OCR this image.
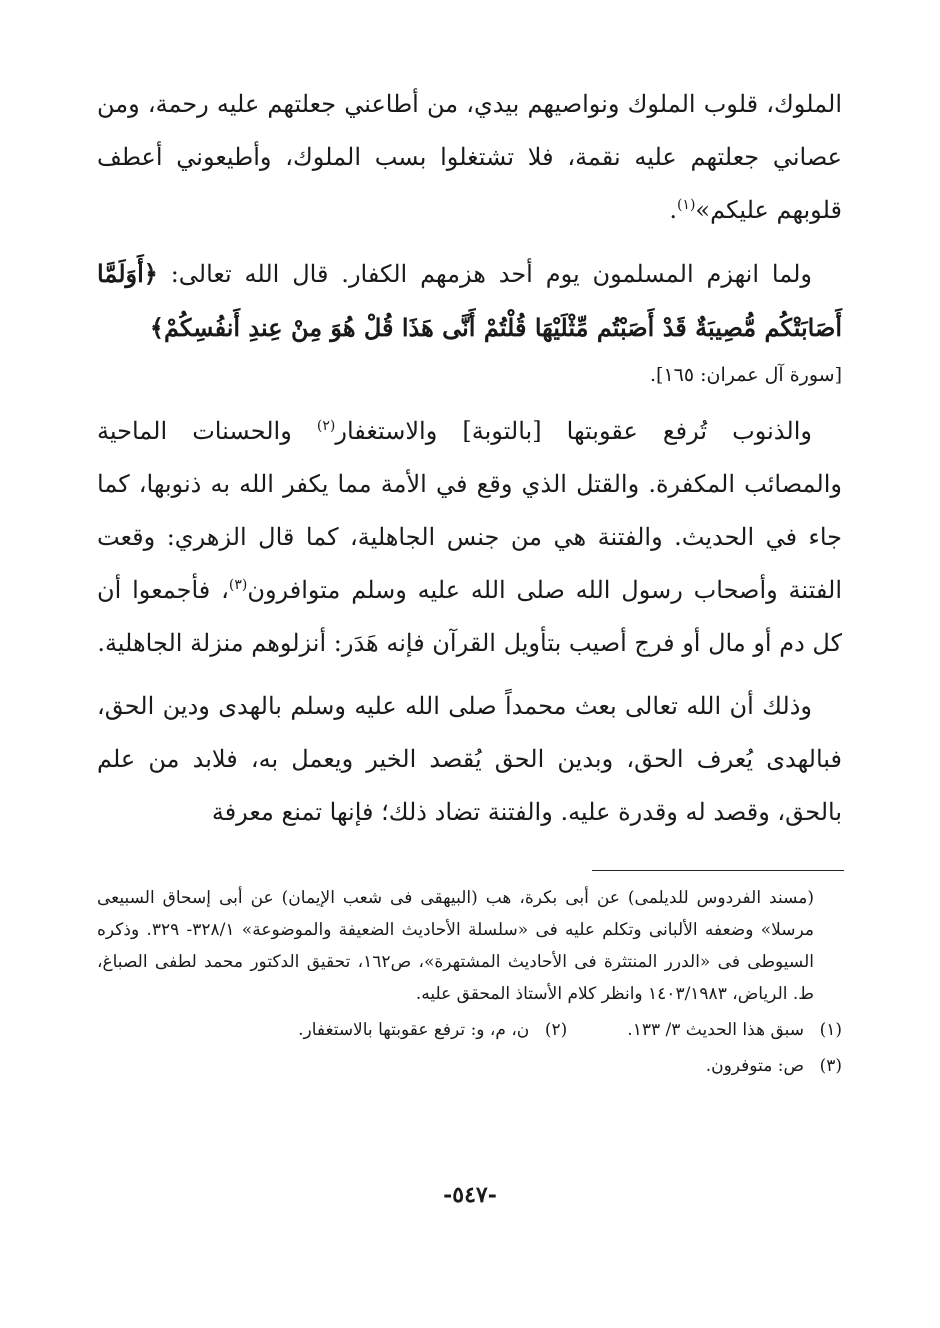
الملوك، قلوب الملوك ونواصيهم بيدي، من أطاعني جعلتهم عليه رحمة، ومن عصاني جعلتهم عليه نقمة، فلا تشتغلوا بسب الملوك، وأطيعوني أعطف قلوبهم عليكم»$^{(١)}$.

ولما انهزم المسلمون يوم أحد هزمهم الكفار. قال الله تعالى: ﴿أَوَلَمَّا أَصَابَتْكُم مُّصِيبَةٌ قَدْ أَصَبْتُم مِّثْلَيْهَا قُلْتُمْ أَنَّى هَذَا قُلْ هُوَ مِنْ عِندِ أَنفُسِكُمْ﴾

[سورة آل عمران: ١٦٥].

والذنوب تُرفع عقوبتها [بالتوبة] والاستغفار$^{(٢)}$ والحسنات الماحية والمصائب المكفرة. والقتل الذي وقع في الأمة مما يكفر الله به ذنوبها، كما جاء في الحديث. والفتنة هي من جنس الجاهلية، كما قال الزهري: وقعت الفتنة وأصحاب رسول الله صلى الله عليه وسلم متوافرون$^{(٣)}$، فأجمعوا أن كل دم أو مال أو فرج أصيب بتأويل القرآن فإنه هَدَر: أنزلوهم منزلة الجاهلية.

وذلك أن الله تعالى بعث محمداً صلى الله عليه وسلم بالهدى ودين الحق، فبالهدى يُعرف الحق، وبدين الحق يُقصد الخير ويعمل به، فلابد من علم بالحق، وقصد له وقدرة عليه. والفتنة تضاد ذلك؛ فإنها تمنع معرفة

(مسند الفردوس للديلمى) عن أبى بكرة، هب (البيهقى فى شعب الإيمان) عن أبى إسحاق السبيعى مرسلا» وضعفه الألبانى وتكلم عليه فى «سلسلة الأحاديث الضعيفة والموضوعة» ٣٢٨/١- ٣٢٩. وذكره السيوطى فى «الدرر المنتثرة فى الأحاديث المشتهرة»، ص١٦٢، تحقيق الدكتور محمد لطفى الصباغ، ط. الرياض، ١٤٠٣/١٩٨٣ وانظر كلام الأستاذ المحقق عليه.
(١)
سبق هذا الحديث ٣/ ١٣٣.
(٢)
ن، م، و: ترفع عقوبتها بالاستغفار.
(٣)
ص: متوفرون.
-٥٤٧-
